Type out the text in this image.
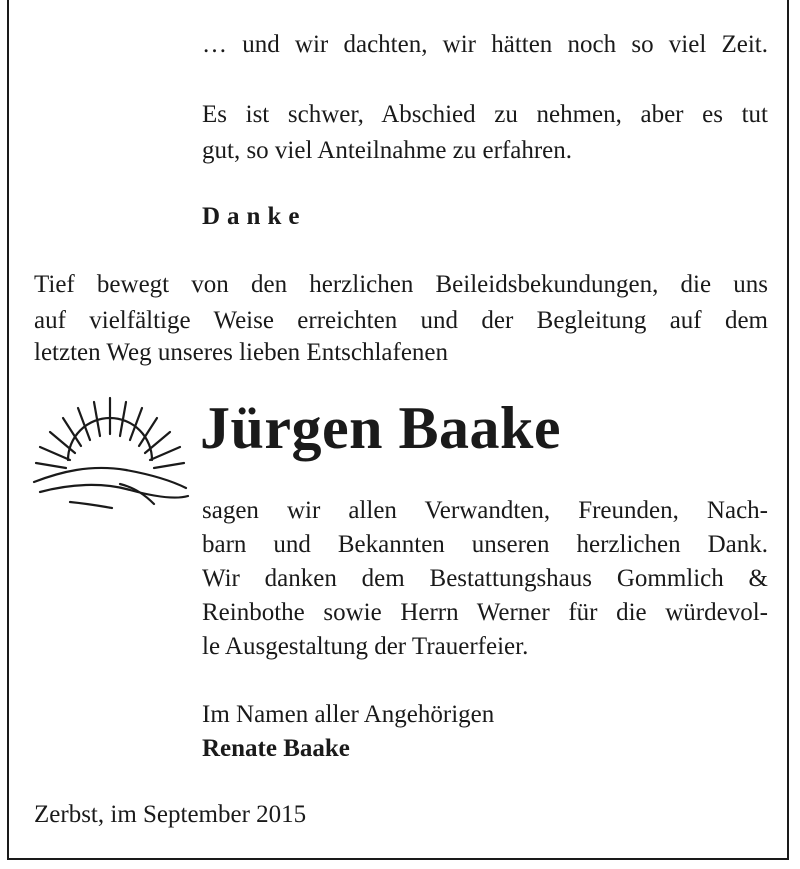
… und wir dachten, wir hätten noch so viel Zeit.

Es ist schwer, Abschied zu nehmen, aber es tut

gut, so viel Anteilnahme zu erfahren.

Danke

Tief bewegt von den herzlichen Beileidsbekundungen, die uns

auf vielfältige Weise erreichten und der Begleitung auf dem

letzten Weg unseres lieben Entschlafenen

Jürgen Baake

sagen wir allen Verwandten, Freunden, Nach-

barn und Bekannten unseren herzlichen Dank.

Wir danken dem Bestattungshaus Gommlich &

Reinbothe sowie Herrn Werner für die würdevol-

le Ausgestaltung der Trauerfeier.

Im Namen aller Angehörigen

Renate Baake

Zerbst, im September 2015
